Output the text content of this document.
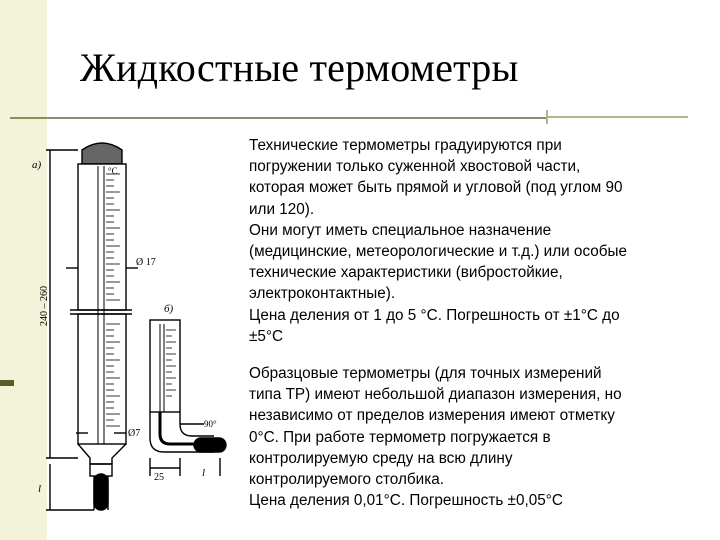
Жидкостные термометры
а)	°C
Ø 17
Ø7
240 – 260
l
б)
90°
25	l

Технические термометры градуируются при
погружении только суженной хвостовой части,
которая может быть прямой и угловой (под углом 90
или 120).
Они могут иметь специальное назначение
(медицинские, метеорологические и т.д.) или особые
технические характеристики (вибростойкие,
электроконтактные).
Цена деления от 1 до 5 °C. Погрешность от ±1°C до
±5°C

Образцовые термометры (для точных измерений
типа ТР) имеют небольшой диапазон измерения, но
независимо от пределов измерения имеют отметку
0°C. При работе термометр погружается в
контролируемую среду на всю длину
контролируемого столбика.
Цена деления 0,01°C. Погрешность ±0,05°C
